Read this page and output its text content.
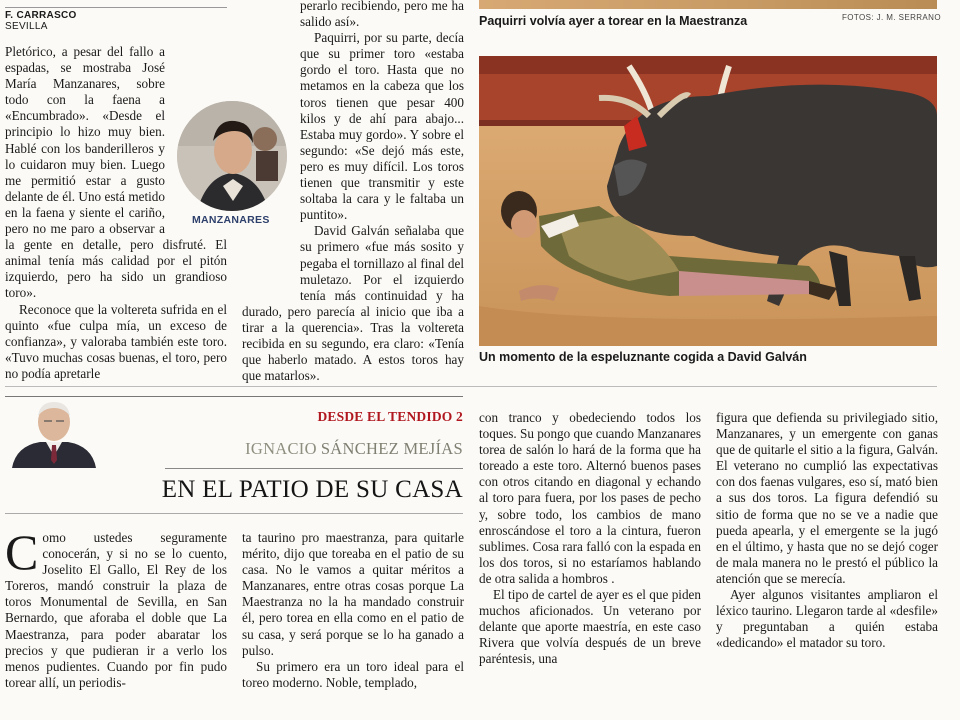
F. CARRASCO
SEVILLA

Pletórico, a pesar del fallo a espadas, se mostraba José María Manzanares, sobre todo con la faena a «Encumbrado». «Desde el principio lo hizo muy bien. Hablé con los banderilleros y lo cuidaron muy bien. Luego me permitió estar a gusto delante de él. Uno está metido en la faena y siente el cariño, pero no me paro a observar a la gente en detalle, pero disfruté. El animal tenía más calidad por el pitón izquierdo, pero ha sido un grandioso toro».

Reconoce que la voltereta sufrida en el quinto «fue culpa mía, un exceso de confianza», y valoraba también este toro. «Tuvo muchas cosas buenas, el toro, pero no podía apretarle

MANZANARES

perarlo recibiendo, pero me ha salido así».

Paquirri, por su parte, decía que su primer toro «estaba gordo el toro. Hasta que no metamos en la cabeza que los toros tienen que pesar 400 kilos y de ahí para abajo... Estaba muy gordo». Y sobre el segundo: «Se dejó más este, pero es muy difícil. Los toros tienen que transmitir y este soltaba la cara y le faltaba un puntito».

David Galván señalaba que su primero «fue más sosito y pegaba el tornillazo al final del muletazo. Por el izquierdo tenía más continuidad y ha durado, pero parecía al inicio que iba a tirar a la querencia». Tras la voltereta recibida en su segundo, era claro: «Tenía que haberlo matado. A estos toros hay que matarlos».

Paquirri volvía ayer a torear en la Maestranza	FOTOS: J. M. SERRANO
Un momento de la espeluznante cogida a David Galván
DESDE EL TENDIDO 2
IGNACIO SÁNCHEZ MEJÍAS
EN EL PATIO DE SU CASA
C omo ustedes seguramente conocerán, y si no se lo cuento, Joselito El Gallo, El Rey de los Toreros, mandó construir la plaza de toros Monumental de Sevilla, en San Bernardo, que aforaba el doble que La Maestranza, para poder abaratar los precios y que pudieran ir a verlo los menos pudientes. Cuando por fin pudo torear allí, un periodis-

ta taurino pro maestranza, para quitarle mérito, dijo que toreaba en el patio de su casa. No le vamos a quitar méritos a Manzanares, entre otras cosas porque La Maestranza no la ha mandado construir él, pero torea en ella como en el patio de su casa, y será porque se lo ha ganado a pulso.

Su primero era un toro ideal para el toreo moderno. Noble, templado,

con tranco y obedeciendo todos los toques. Su pongo que cuando Manzanares torea de salón lo hará de la forma que ha toreado a este toro. Alternó buenos pases con otros citando en diagonal y echando al toro para fuera, por los pases de pecho y, sobre todo, los cambios de mano enroscándose el toro a la cintura, fueron sublimes. Cosa rara falló con la espada en los dos toros, si no estaríamos hablando de otra salida a hombros .

El tipo de cartel de ayer es el que piden muchos aficionados. Un veterano por delante que aporte maestría, en este caso Rivera que volvía después de un breve paréntesis, una

figura que defienda su privilegiado sitio, Manzanares, y un emergente con ganas que de quitarle el sitio a la figura, Galván. El veterano no cumplió las expectativas con dos faenas vulgares, eso sí, mató bien a sus dos toros. La figura defendió su sitio de forma que no se ve a nadie que pueda apearla, y el emergente se la jugó en el último, y hasta que no se dejó coger de mala manera no le prestó el público la atención que se merecía.

Ayer algunos visitantes ampliaron el léxico taurino. Llegaron tarde al «desfile» y preguntaban a quién estaba «dedicando» el matador su toro.
